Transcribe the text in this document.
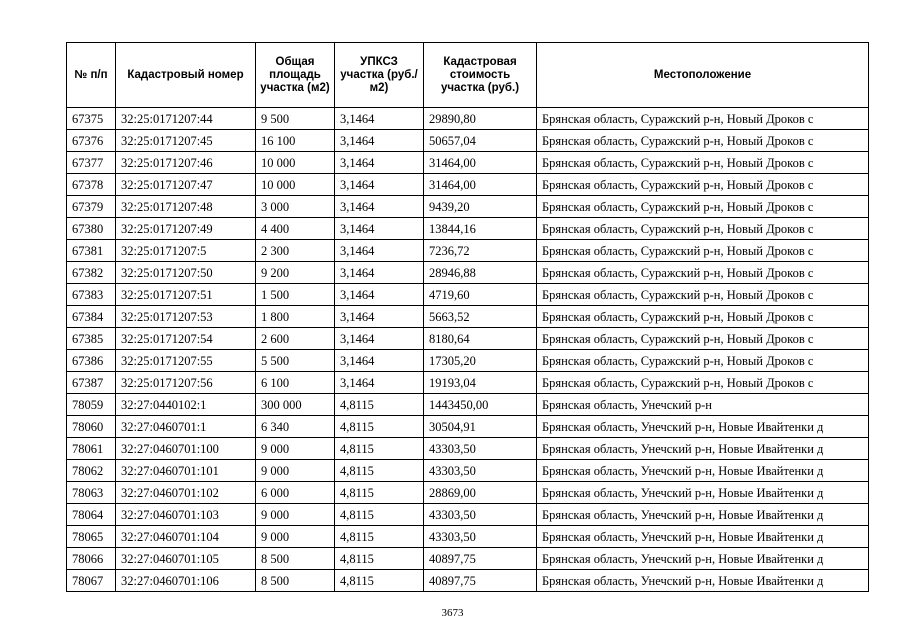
№ п/п	Кадастровый номер	Общая площадь участка (м2)	УПКСЗ участка (руб./м2)	Кадастровая стоимость участка (руб.)	Местоположение
67375	32:25:0171207:44	9 500	3,1464	29890,80	Брянская область, Суражский р-н, Новый Дроков с
67376	32:25:0171207:45	16 100	3,1464	50657,04	Брянская область, Суражский р-н, Новый Дроков с
67377	32:25:0171207:46	10 000	3,1464	31464,00	Брянская область, Суражский р-н, Новый Дроков с
67378	32:25:0171207:47	10 000	3,1464	31464,00	Брянская область, Суражский р-н, Новый Дроков с
67379	32:25:0171207:48	3 000	3,1464	9439,20	Брянская область, Суражский р-н, Новый Дроков с
67380	32:25:0171207:49	4 400	3,1464	13844,16	Брянская область, Суражский р-н, Новый Дроков с
67381	32:25:0171207:5	2 300	3,1464	7236,72	Брянская область, Суражский р-н, Новый Дроков с
67382	32:25:0171207:50	9 200	3,1464	28946,88	Брянская область, Суражский р-н, Новый Дроков с
67383	32:25:0171207:51	1 500	3,1464	4719,60	Брянская область, Суражский р-н, Новый Дроков с
67384	32:25:0171207:53	1 800	3,1464	5663,52	Брянская область, Суражский р-н, Новый Дроков с
67385	32:25:0171207:54	2 600	3,1464	8180,64	Брянская область, Суражский р-н, Новый Дроков с
67386	32:25:0171207:55	5 500	3,1464	17305,20	Брянская область, Суражский р-н, Новый Дроков с
67387	32:25:0171207:56	6 100	3,1464	19193,04	Брянская область, Суражский р-н, Новый Дроков с
78059	32:27:0440102:1	300 000	4,8115	1443450,00	Брянская область, Унечский р-н
78060	32:27:0460701:1	6 340	4,8115	30504,91	Брянская область, Унечский р-н, Новые Ивайтенки д
78061	32:27:0460701:100	9 000	4,8115	43303,50	Брянская область, Унечский р-н, Новые Ивайтенки д
78062	32:27:0460701:101	9 000	4,8115	43303,50	Брянская область, Унечский р-н, Новые Ивайтенки д
78063	32:27:0460701:102	6 000	4,8115	28869,00	Брянская область, Унечский р-н, Новые Ивайтенки д
78064	32:27:0460701:103	9 000	4,8115	43303,50	Брянская область, Унечский р-н, Новые Ивайтенки д
78065	32:27:0460701:104	9 000	4,8115	43303,50	Брянская область, Унечский р-н, Новые Ивайтенки д
78066	32:27:0460701:105	8 500	4,8115	40897,75	Брянская область, Унечский р-н, Новые Ивайтенки д
78067	32:27:0460701:106	8 500	4,8115	40897,75	Брянская область, Унечский р-н, Новые Ивайтенки д
3673
